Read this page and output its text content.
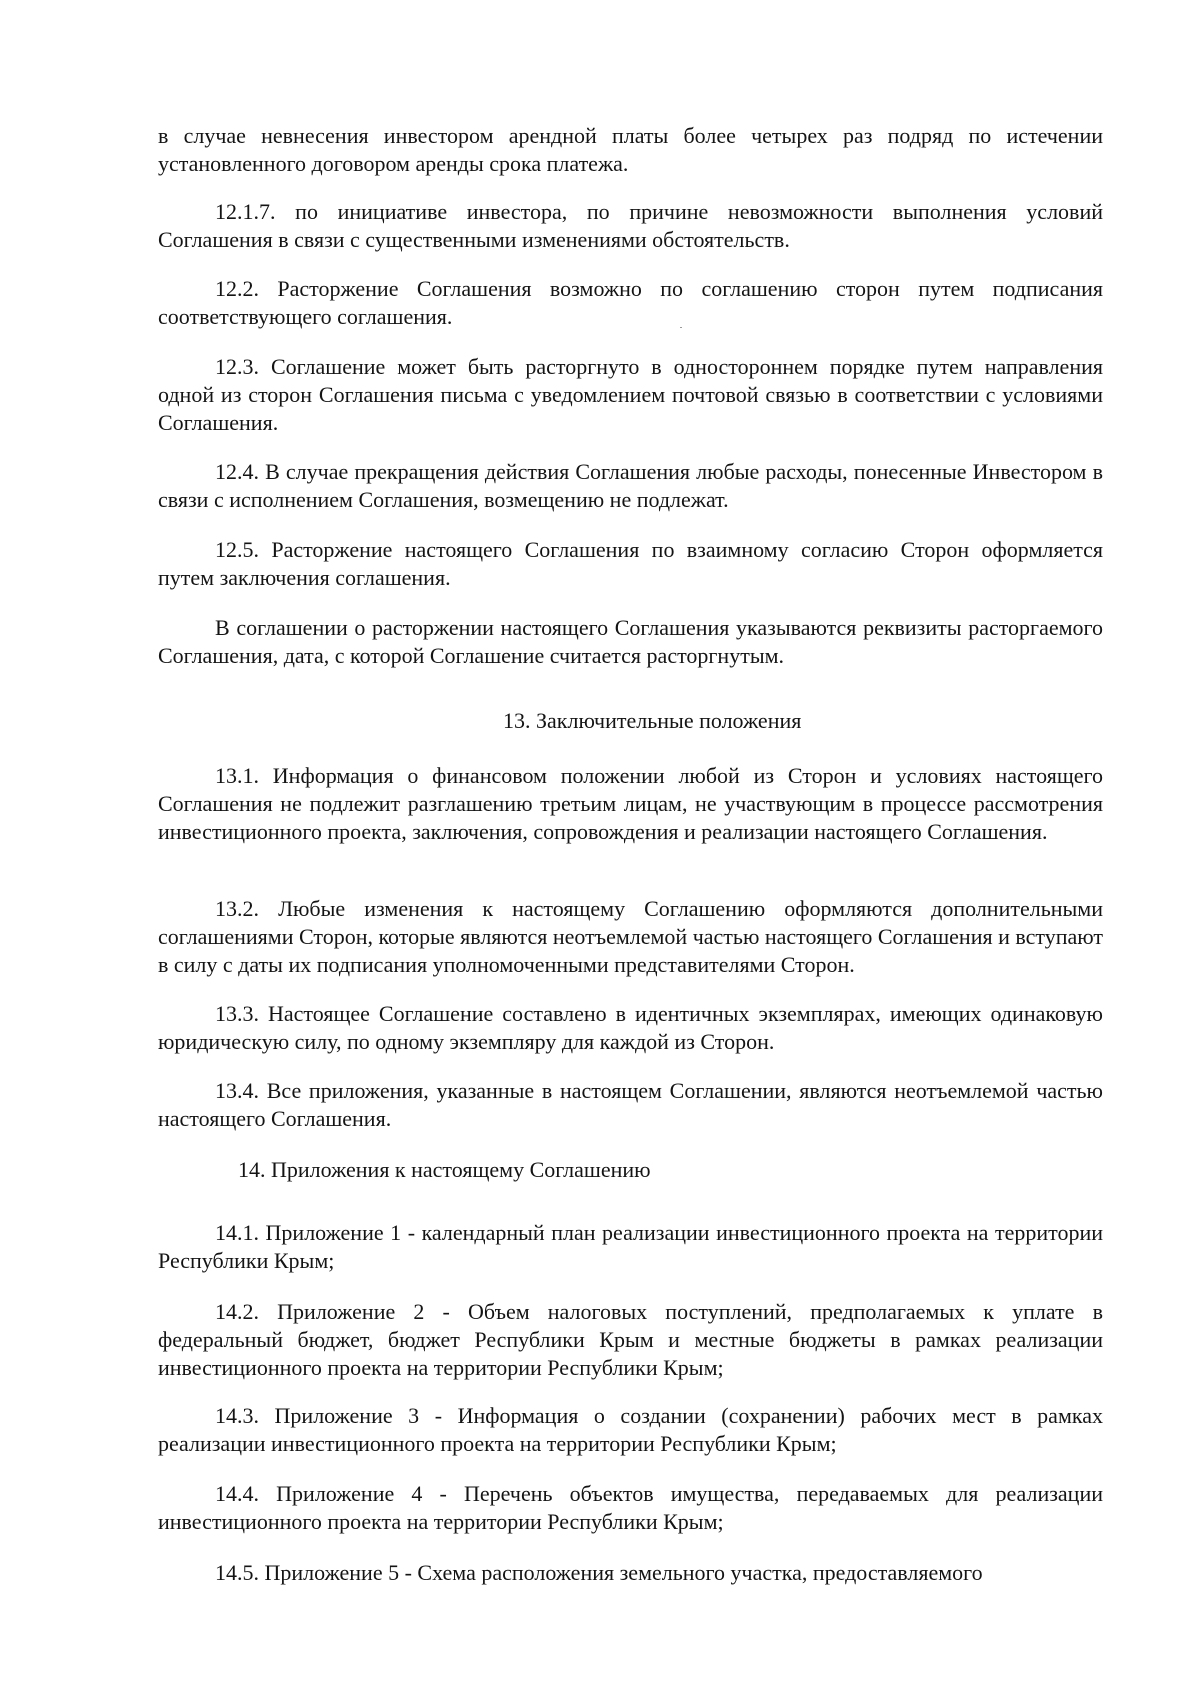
в случае невнесения инвестором арендной платы более четырех раз подряд по истечении установленного договором аренды срока платежа.

12.1.7. по инициативе инвестора, по причине невозможности выполнения условий Соглашения в связи с существенными изменениями обстоятельств.

12.2. Расторжение Соглашения возможно по соглашению сторон путем подписания соответствующего соглашения.

12.3. Соглашение может быть расторгнуто в одностороннем порядке путем направления одной из сторон Соглашения письма с уведомлением почтовой связью в соответствии с условиями Соглашения.

12.4. В случае прекращения действия Соглашения любые расходы, понесенные Инвестором в связи с исполнением Соглашения, возмещению не подлежат.

12.5. Расторжение настоящего Соглашения по взаимному согласию Сторон оформляется путем заключения соглашения.

В соглашении о расторжении настоящего Соглашения указываются реквизиты расторгаемого Соглашения, дата, с которой Соглашение считается расторгнутым.

13. Заключительные положения

13.1. Информация о финансовом положении любой из Сторон и условиях настоящего Соглашения не подлежит разглашению третьим лицам, не участвующим в процессе рассмотрения инвестиционного проекта, заключения, сопровождения и реализации настоящего Соглашения.

13.2. Любые изменения к настоящему Соглашению оформляются дополнительными соглашениями Сторон, которые являются неотъемлемой частью настоящего Соглашения и вступают в силу с даты их подписания уполномоченными представителями Сторон.

13.3. Настоящее Соглашение составлено в идентичных экземплярах, имеющих одинаковую юридическую силу, по одному экземпляру для каждой из Сторон.

13.4. Все приложения, указанные в настоящем Соглашении, являются неотъемлемой частью настоящего Соглашения.

14. Приложения к настоящему Соглашению

14.1. Приложение 1 - календарный план реализации инвестиционного проекта на территории Республики Крым;

14.2. Приложение 2 - Объем налоговых поступлений, предполагаемых к уплате в федеральный бюджет, бюджет Республики Крым и местные бюджеты в рамках реализации инвестиционного проекта на территории Республики Крым;

14.3. Приложение 3 - Информация о создании (сохранении) рабочих мест в рамках реализации инвестиционного проекта на территории Республики Крым;

14.4. Приложение 4 - Перечень объектов имущества, передаваемых для реализации инвестиционного проекта на территории Республики Крым;

14.5. Приложение 5 - Схема расположения земельного участка, предоставляемого
